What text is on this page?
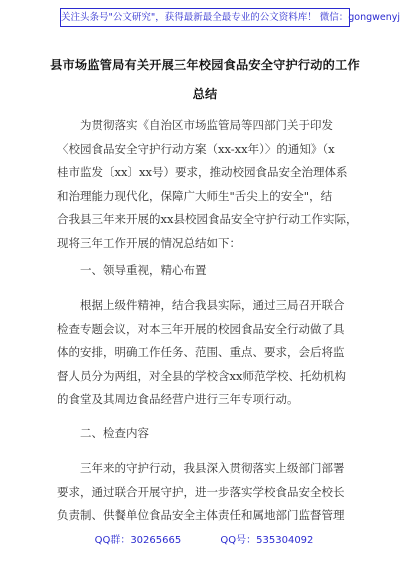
关注头条号"公文研究"，获得最新最全最专业的公文资料库！ 微信：gongwenyj
县市场监管局有关开展三年校园食品安全守护行动的工作
总结
为贯彻落实《自治区市场监管局等四部门关于印发
〈校园食品安全守护行动方案（xx-xx年）〉的通知》（x
桂市监发〔xx〕xx号）要求，推动校园食品安全治理体系
和治理能力现代化，保障广大师生"舌尖上的安全"，结
合我县三年来开展的xx县校园食品安全守护行动工作实际，
现将三年工作开展的情况总结如下：
一、领导重视，精心布置
根据上级件精神，结合我县实际，通过三局召开联合
检查专题会议，对本三年开展的校园食品安全行动做了具
体的安排，明确工作任务、范围、重点、要求，会后将监
督人员分为两组，对全县的学校含xx师范学校、托幼机构
的食堂及其周边食品经营户进行三年专项行动。
二、检查内容
三年来的守护行动，我县深入贯彻落实上级部门部署
要求，通过联合开展守护，进一步落实学校食品安全校长
负责制、供餐单位食品安全主体责任和属地部门监督管理
QQ群：30265665	QQ号：535304092
